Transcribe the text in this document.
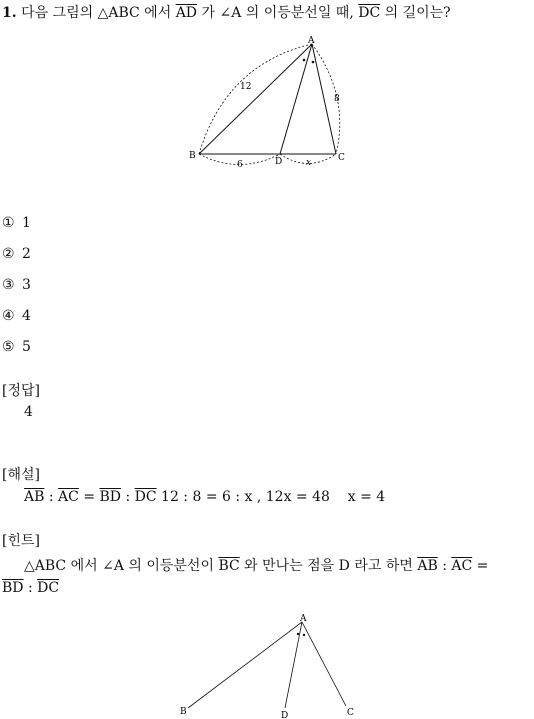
1. 다음 그림의 △ABC 에서 $\overline{AD}$ 가 ∠A 의 이등분선일 때, $\overline{DC}$ 의 길이는?
A
B	C
D
12
8
6	x
① 1
② 2
③ 3
④ 4
⑤ 5
[정답]
4
[해설]
$\overline{AB}$ : $\overline{AC} = \overline{BD}$ : $\overline{DC}$ 12 : 8 = 6 : x , 12x = 48    x = 4
[힌트]
△ABC 에서 ∠A 의 이등분선이 $\overline{BC}$ 와 만나는 점을 D 라고 하면 $\overline{AB}$ : $\overline{AC}$ =
$\overline{BD}$ : $\overline{DC}$
A
B	D	C
